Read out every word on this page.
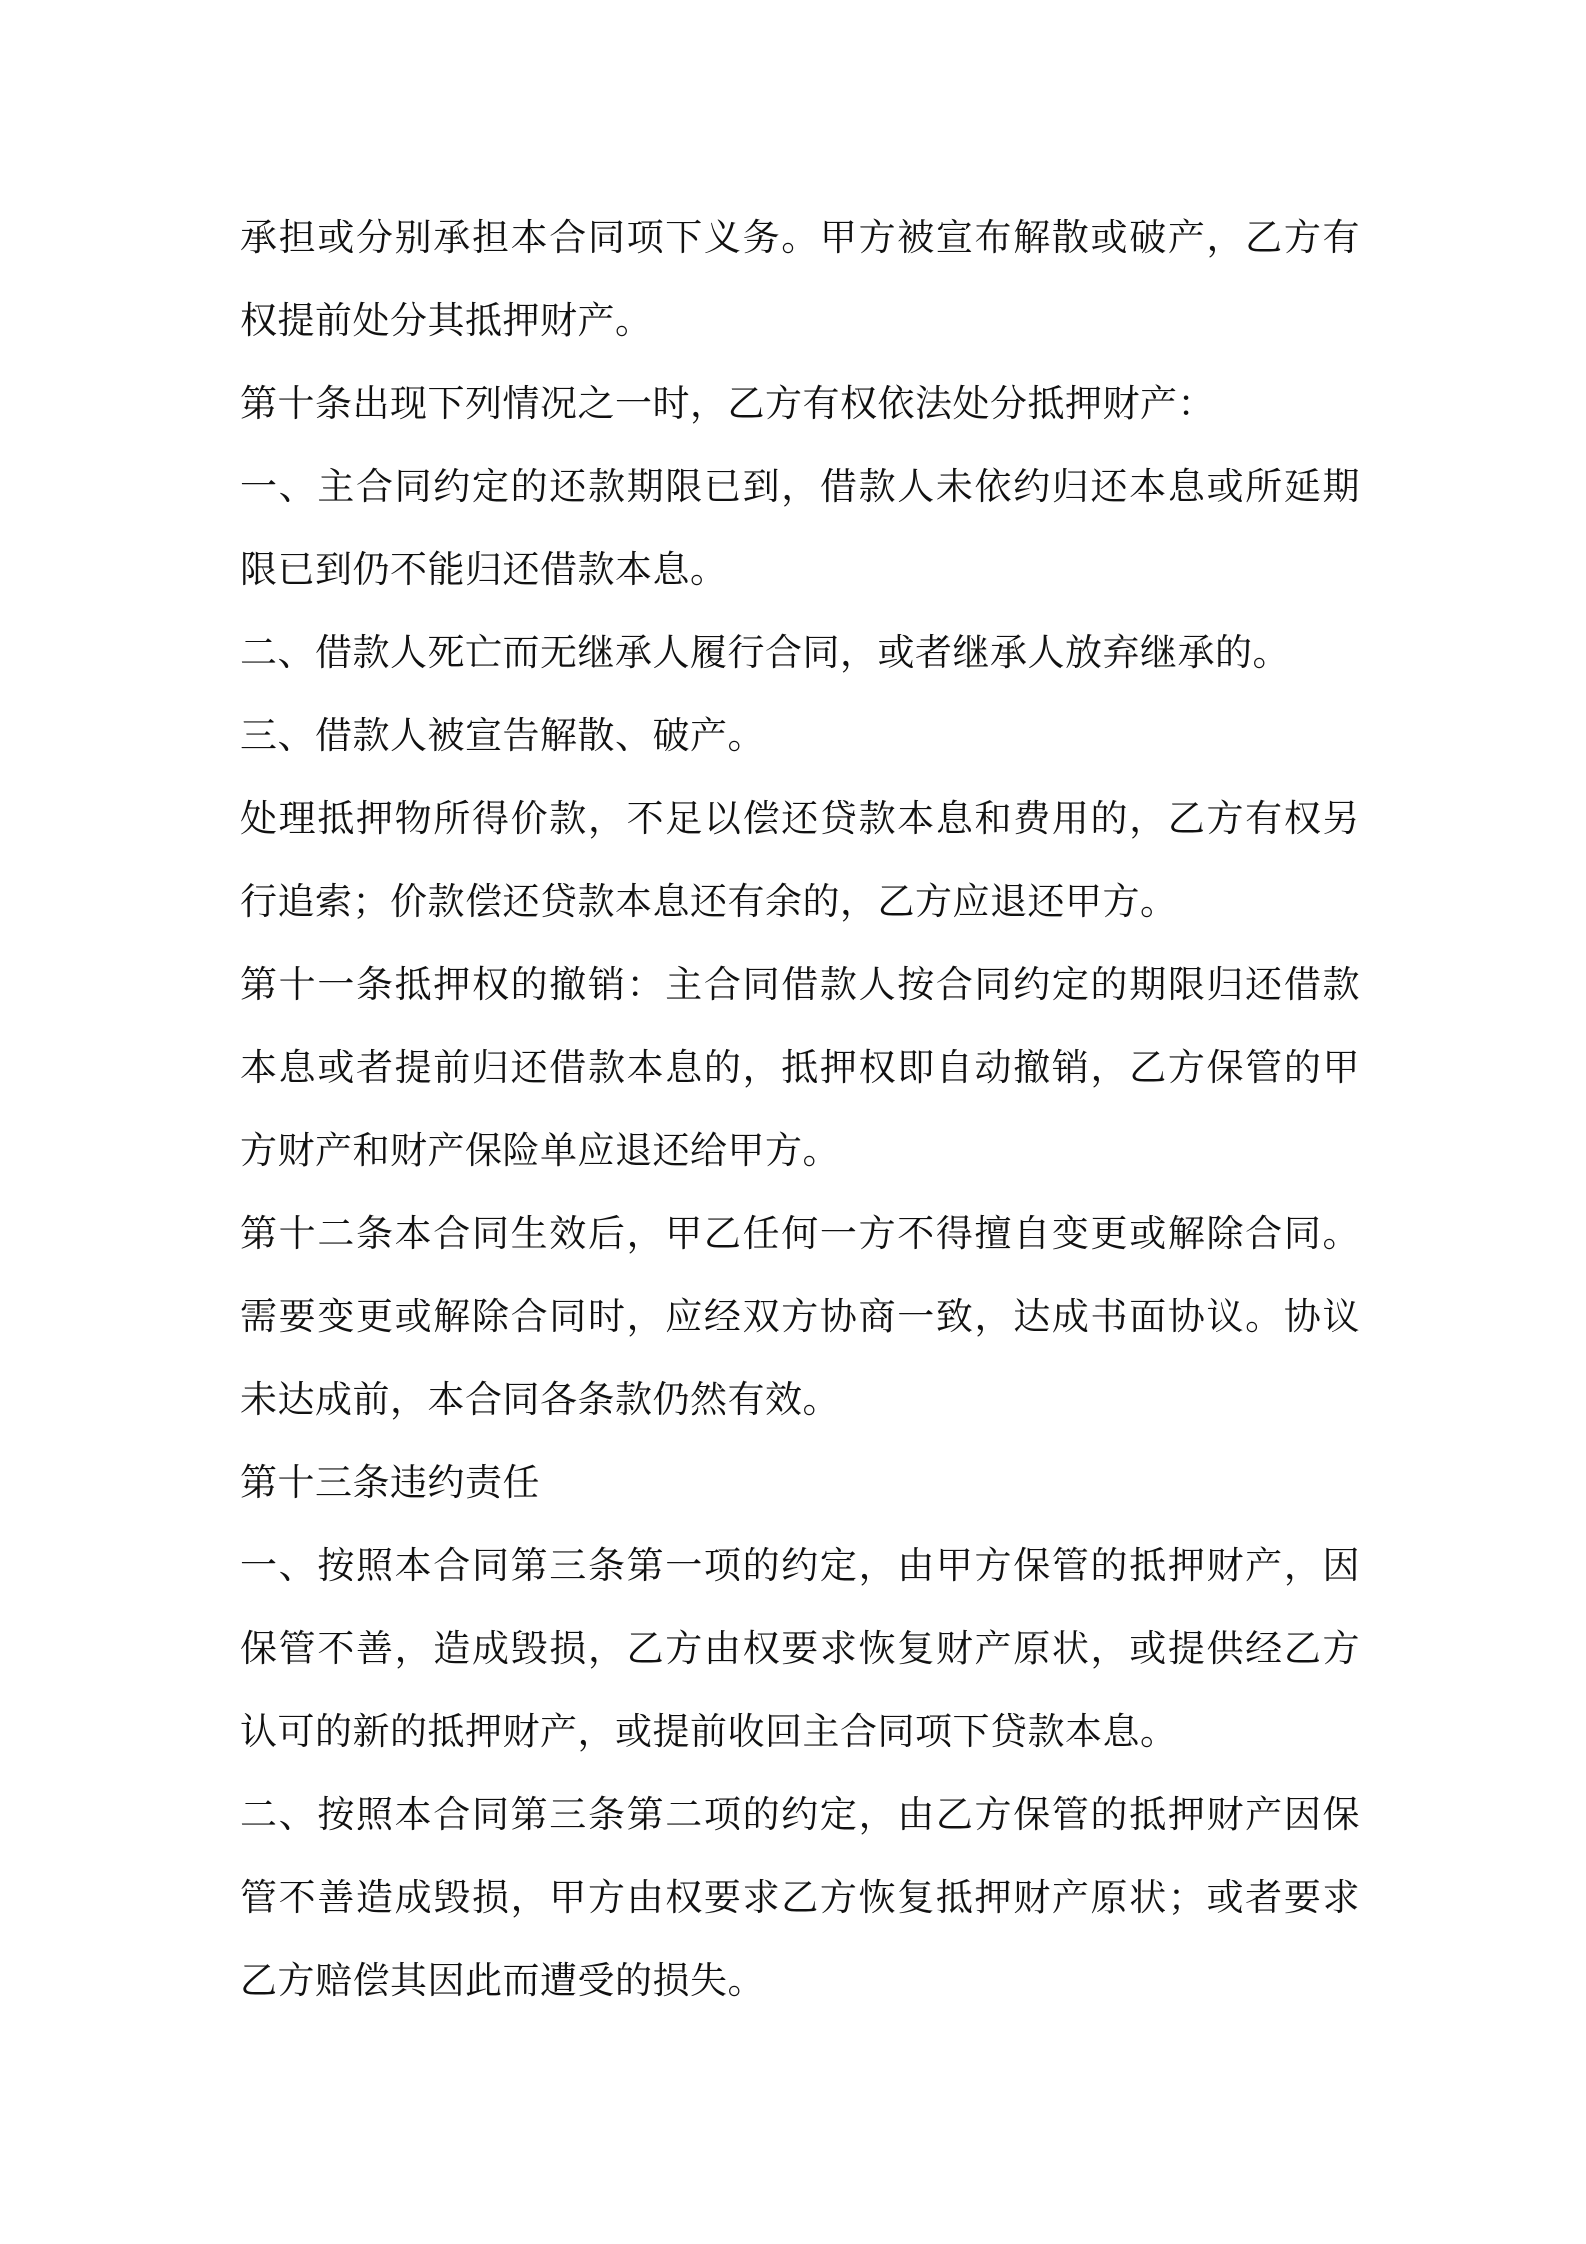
承担或分别承担本合同项下义务。甲方被宣布解散或破产，乙方有权提前处分其抵押财产。

第十条出现下列情况之一时，乙方有权依法处分抵押财产：

一、主合同约定的还款期限已到，借款人未依约归还本息或所延期限已到仍不能归还借款本息。

二、借款人死亡而无继承人履行合同，或者继承人放弃继承的。

三、借款人被宣告解散、破产。

处理抵押物所得价款，不足以偿还贷款本息和费用的，乙方有权另行追索；价款偿还贷款本息还有余的，乙方应退还甲方。

第十一条抵押权的撤销：主合同借款人按合同约定的期限归还借款本息或者提前归还借款本息的，抵押权即自动撤销，乙方保管的甲方财产和财产保险单应退还给甲方。

第十二条本合同生效后，甲乙任何一方不得擅自变更或解除合同。需要变更或解除合同时，应经双方协商一致，达成书面协议。协议未达成前，本合同各条款仍然有效。

第十三条违约责任

一、按照本合同第三条第一项的约定，由甲方保管的抵押财产，因保管不善，造成毁损，乙方由权要求恢复财产原状，或提供经乙方认可的新的抵押财产，或提前收回主合同项下贷款本息。

二、按照本合同第三条第二项的约定，由乙方保管的抵押财产因保管不善造成毁损，甲方由权要求乙方恢复抵押财产原状；或者要求乙方赔偿其因此而遭受的损失。
